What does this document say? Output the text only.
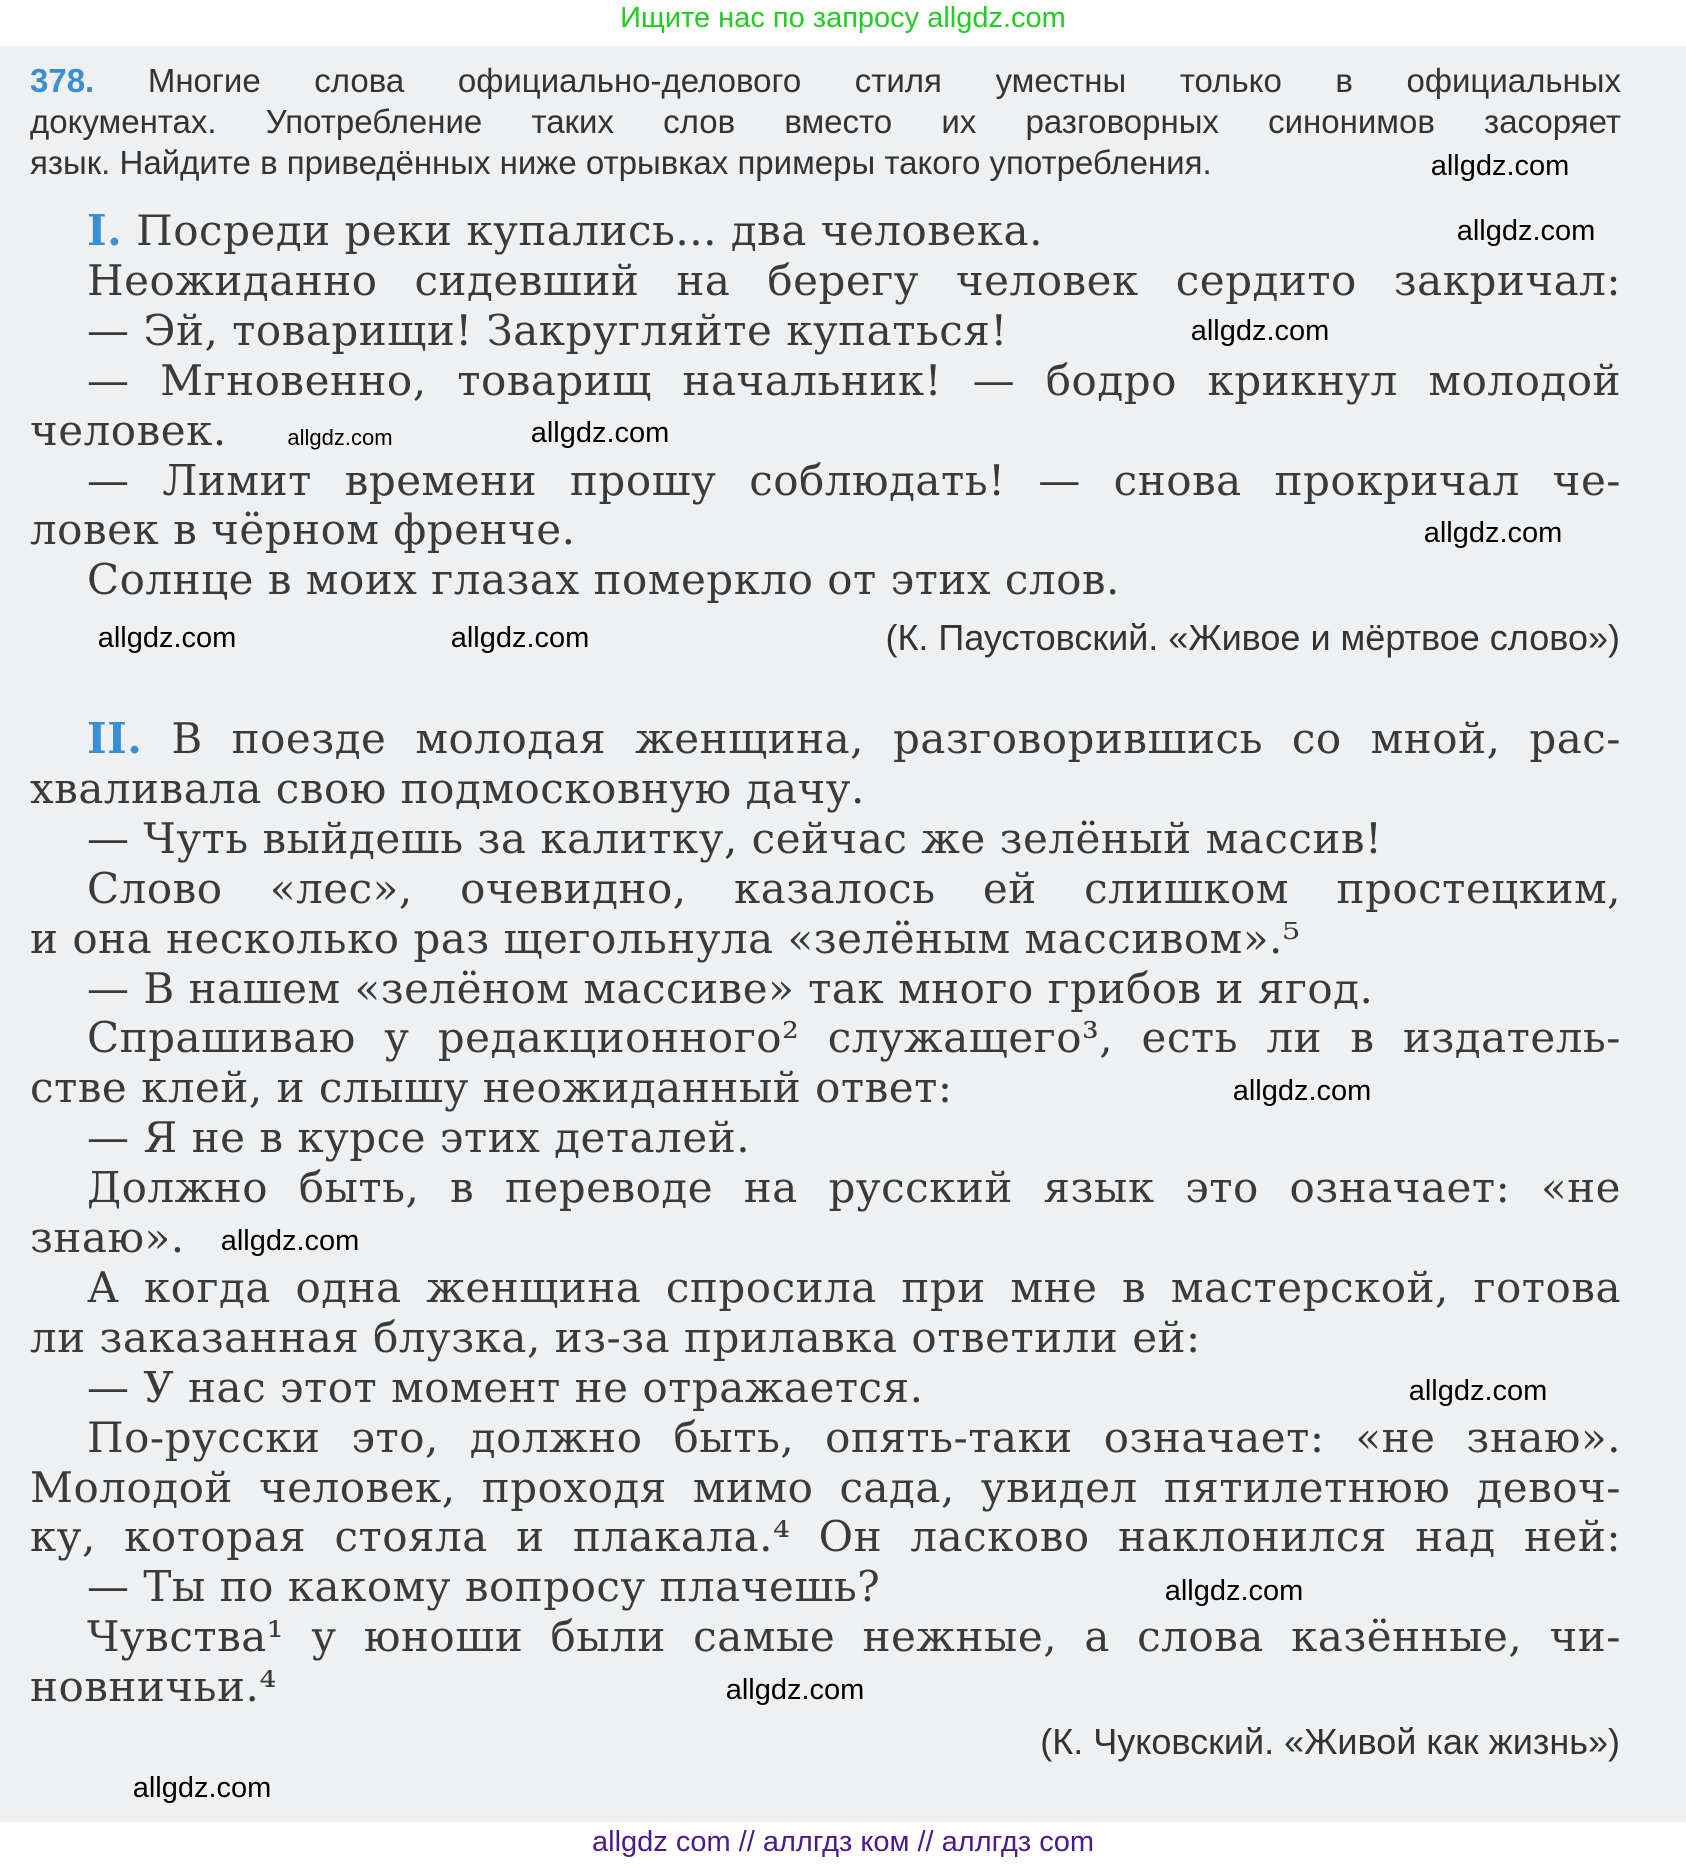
Ищите нас по запросу allgdz.com
378. Многие слова официально-делового стиля уместны только в официальных
документах. Употребление таких слов вместо их разговорных синонимов засоряет
язык. Найдите в приведённых ниже отрывках примеры такого употребления.
I. Посреди реки купались... два человека.
Неожиданно сидевший на берегу человек сердито закричал:
— Эй, товарищи! Закругляйте купаться!
— Мгновенно, товарищ начальник! — бодро крикнул молодой
человек.
— Лимит времени прошу соблюдать! — снова прокричал че-
ловек в чёрном френче.
Солнце в моих глазах померкло от этих слов.
II. В поезде молодая женщина, разговорившись со мной, рас-
хваливала свою подмосковную дачу.
— Чуть выйдешь за калитку, сейчас же зелёный массив!
Слово «лес», очевидно, казалось ей слишком простецким,
и она несколько раз щегольнула «зелёным массивом».⁵
— В нашем «зелёном массиве» так много грибов и ягод.
Спрашиваю у редакционного² служащего³, есть ли в издатель-
стве клей, и слышу неожиданный ответ:
— Я не в курсе этих деталей.
Должно быть, в переводе на русский язык это означает: «не
знаю».
А когда одна женщина спросила при мне в мастерской, готова
ли заказанная блузка, из-за прилавка ответили ей:
— У нас этот момент не отражается.
По-русски это, должно быть, опять-таки означает: «не знаю».
Молодой человек, проходя мимо сада, увидел пятилетнюю девоч-
ку, которая стояла и плакала.⁴ Он ласково наклонился над ней:
— Ты по какому вопросу плачешь?
Чувства¹ у юноши были самые нежные, а слова казённые, чи-
новничьи.⁴
(К. Паустовский. «Живое и мёртвое слово»)
(К. Чуковский. «Живой как жизнь»)
allgdz.com
allgdz.com
allgdz.com
allgdz.com	allgdz.com
allgdz.com
allgdz.com	allgdz.com
allgdz.com
allgdz.com
allgdz.com
allgdz.com
allgdz.com
allgdz.com
allgdz com // аллгдз ком // аллгдз com
